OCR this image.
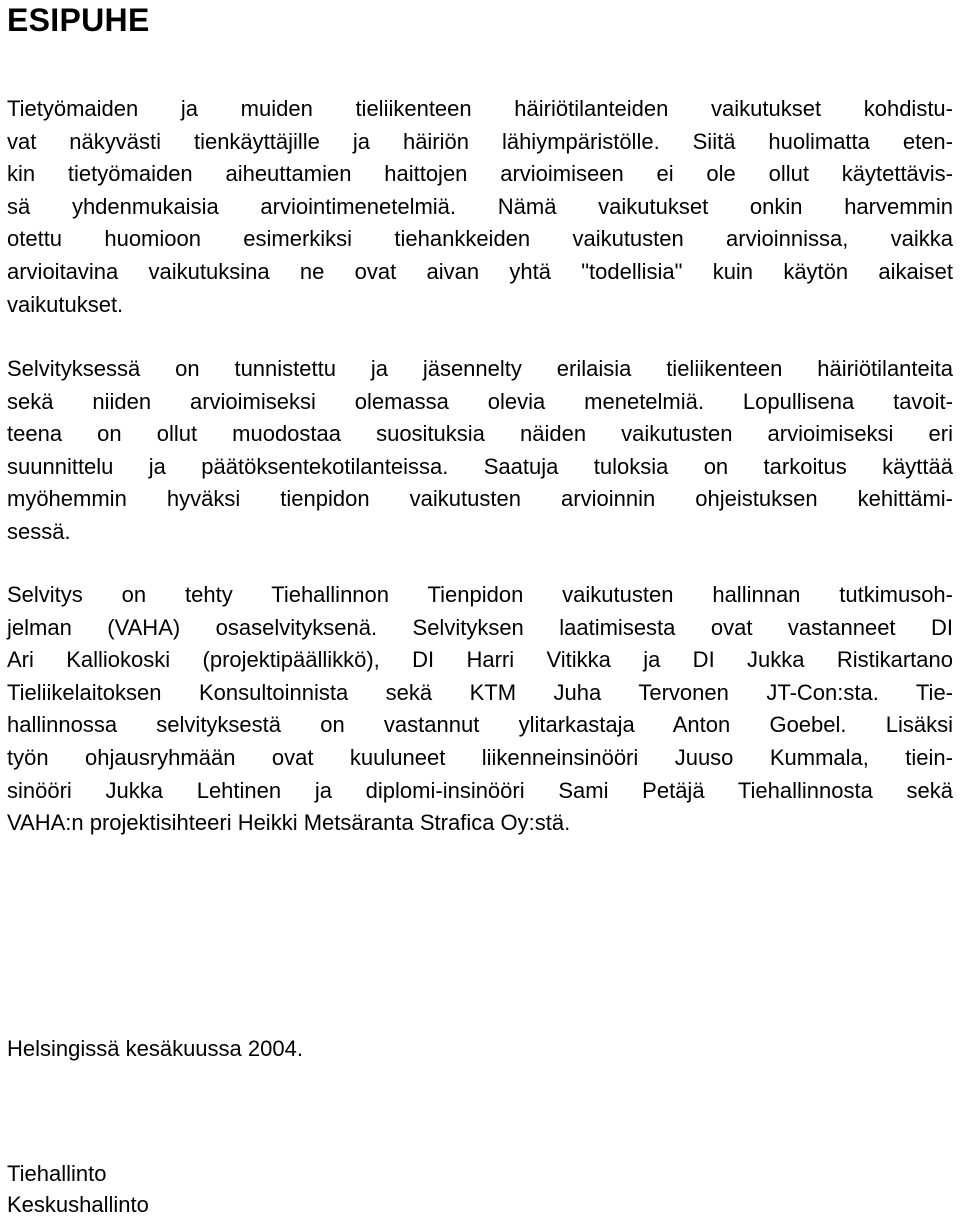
ESIPUHE

Tietyömaiden ja muiden tieliikenteen häiriötilanteiden vaikutukset kohdistu-
vat näkyvästi tienkäyttäjille ja häiriön lähiympäristölle. Siitä huolimatta eten-
kin tietyömaiden aiheuttamien haittojen arvioimiseen ei ole ollut käytettävis-
sä yhdenmukaisia arviointimenetelmiä. Nämä vaikutukset onkin harvemmin
otettu huomioon esimerkiksi tiehankkeiden vaikutusten arvioinnissa, vaikka
arvioitavina vaikutuksina ne ovat aivan yhtä "todellisia" kuin käytön aikaiset
vaikutukset.

Selvityksessä on tunnistettu ja jäsennelty erilaisia tieliikenteen häiriötilanteita
sekä niiden arvioimiseksi olemassa olevia menetelmiä. Lopullisena tavoit-
teena on ollut muodostaa suosituksia näiden vaikutusten arvioimiseksi eri
suunnittelu ja päätöksentekotilanteissa. Saatuja tuloksia on tarkoitus käyttää
myöhemmin hyväksi tienpidon vaikutusten arvioinnin ohjeistuksen kehittämi-
sessä.

Selvitys on tehty Tiehallinnon Tienpidon vaikutusten hallinnan tutkimusoh-
jelman (VAHA) osaselvityksenä. Selvityksen laatimisesta ovat vastanneet DI
Ari Kalliokoski (projektipäällikkö), DI Harri Vitikka ja DI Jukka Ristikartano
Tieliikelaitoksen Konsultoinnista sekä KTM Juha Tervonen JT-Con:sta. Tie-
hallinnossa selvityksestä on vastannut ylitarkastaja Anton Goebel. Lisäksi
työn ohjausryhmään ovat kuuluneet liikenneinsinööri Juuso Kummala, tiein-
sinööri Jukka Lehtinen ja diplomi-insinööri Sami Petäjä Tiehallinnosta sekä
VAHA:n projektisihteeri Heikki Metsäranta Strafica Oy:stä.

Helsingissä kesäkuussa 2004.

Tiehallinto
Keskushallinto
